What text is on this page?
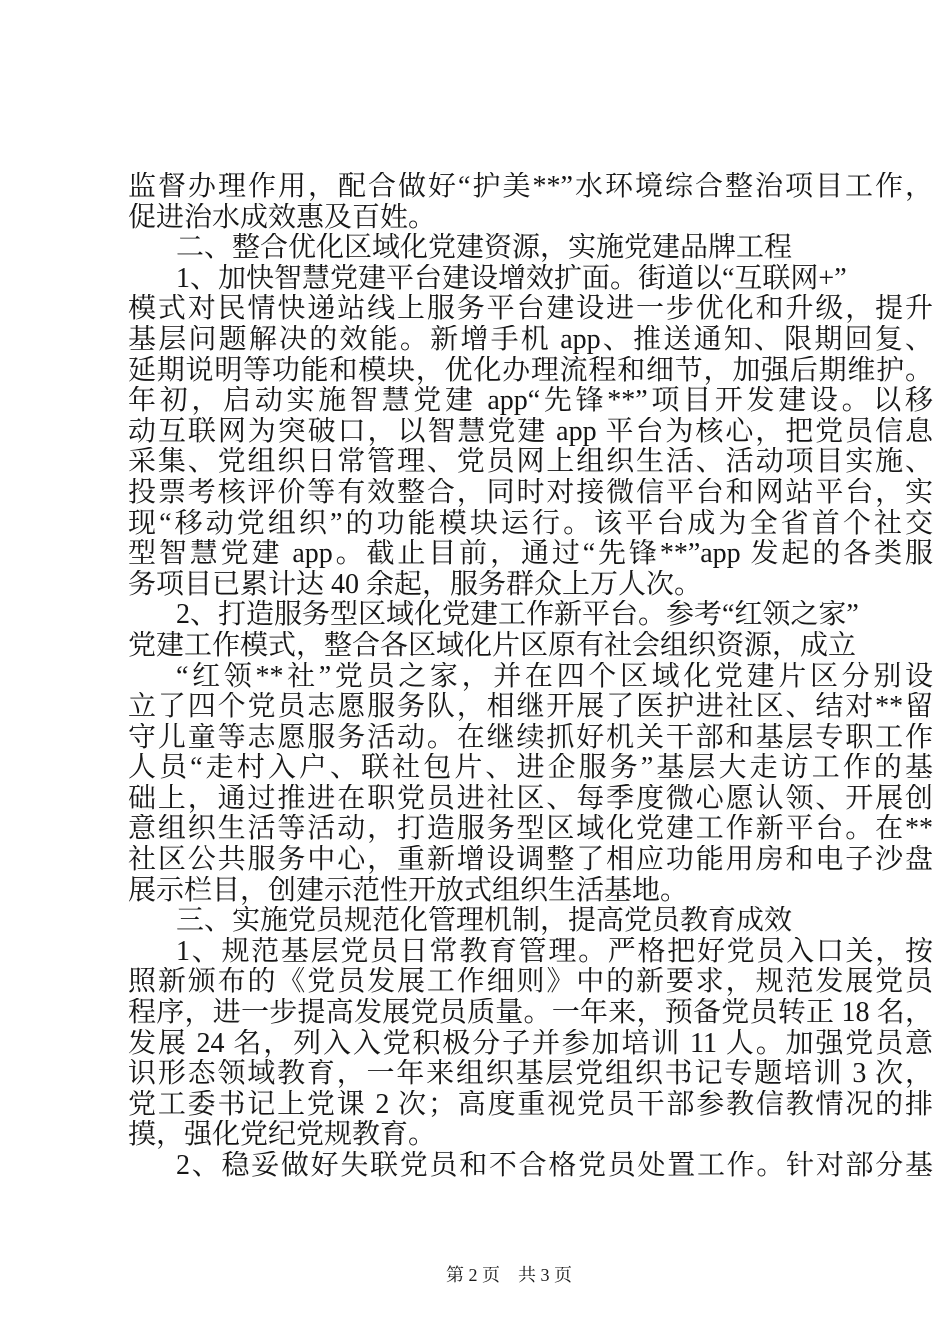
监督办理作用，配合做好“护美**”水环境综合整治项目工作，
促进治水成效惠及百姓。
二、整合优化区域化党建资源，实施党建品牌工程
1、加快智慧党建平台建设增效扩面。街道以“互联网+”
模式对民情快递站线上服务平台建设进一步优化和升级，提升
基层问题解决的效能。新增手机 app、推送通知、限期回复、
延期说明等功能和模块，优化办理流程和细节，加强后期维护。
年初，启动实施智慧党建 app“先锋**”项目开发建设。以移
动互联网为突破口，以智慧党建 app 平台为核心，把党员信息
采集、党组织日常管理、党员网上组织生活、活动项目实施、
投票考核评价等有效整合，同时对接微信平台和网站平台，实
现“移动党组织”的功能模块运行。该平台成为全省首个社交
型智慧党建 app。截止目前，通过“先锋**”app 发起的各类服
务项目已累计达 40 余起，服务群众上万人次。
2、打造服务型区域化党建工作新平台。参考“红领之家”
党建工作模式，整合各区域化片区原有社会组织资源，成立
“红领**社”党员之家，并在四个区域化党建片区分别设
立了四个党员志愿服务队，相继开展了医护进社区、结对**留
守儿童等志愿服务活动。在继续抓好机关干部和基层专职工作
人员“走村入户、联社包片、进企服务”基层大走访工作的基
础上，通过推进在职党员进社区、每季度微心愿认领、开展创
意组织生活等活动，打造服务型区域化党建工作新平台。在**
社区公共服务中心，重新增设调整了相应功能用房和电子沙盘
展示栏目，创建示范性开放式组织生活基地。
三、实施党员规范化管理机制，提高党员教育成效
1、规范基层党员日常教育管理。严格把好党员入口关，按
照新颁布的《党员发展工作细则》中的新要求，规范发展党员
程序，进一步提高发展党员质量。一年来，预备党员转正 18 名，
发展 24 名，列入入党积极分子并参加培训 11 人。加强党员意
识形态领域教育，一年来组织基层党组织书记专题培训 3 次，
党工委书记上党课 2 次；高度重视党员干部参教信教情况的排
摸，强化党纪党规教育。
2、稳妥做好失联党员和不合格党员处置工作。针对部分基

第 2 页　共 3 页
